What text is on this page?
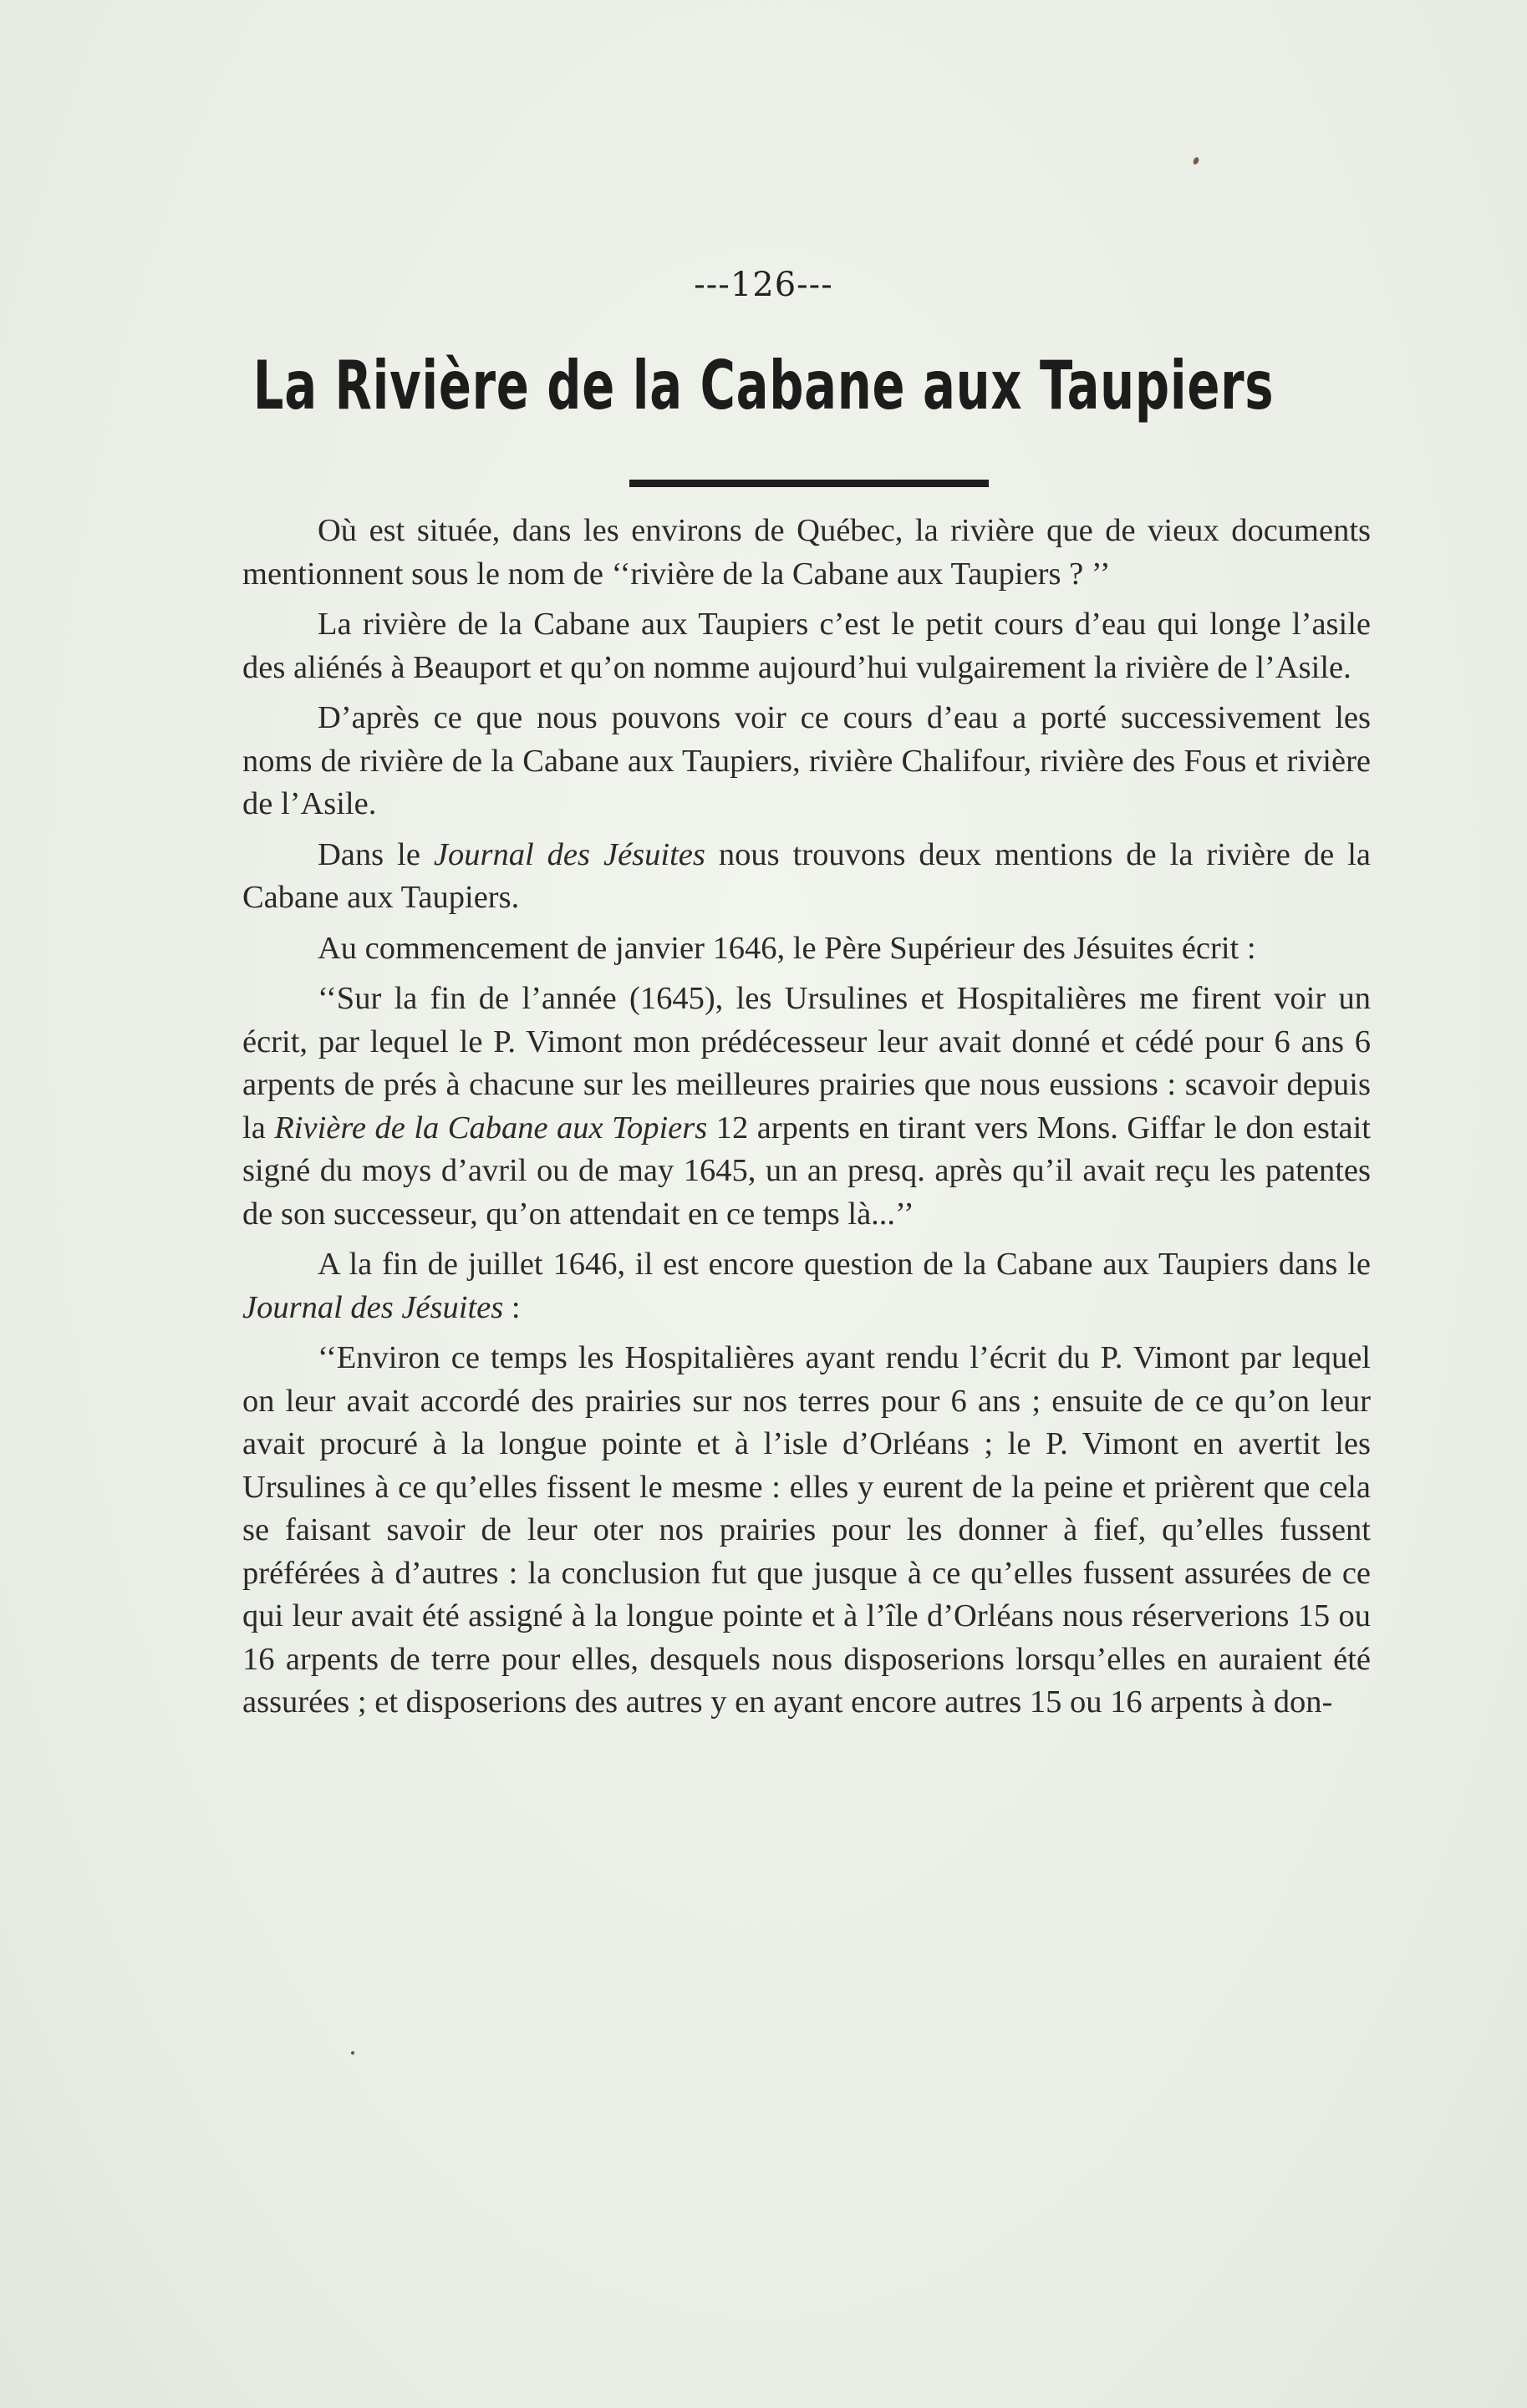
---126---
La Rivière de la Cabane aux Taupiers

Où est située, dans les environs de Québec, la rivière que de vieux documents mentionnent sous le nom de ‘‘rivière de la Cabane aux Taupiers ? ’’

La rivière de la Cabane aux Taupiers c’est le petit cours d’eau qui longe l’asile des aliénés à Beauport et qu’on nomme aujourd’hui vulgairement la rivière de l’Asile.

D’après ce que nous pouvons voir ce cours d’eau a porté successivement les noms de rivière de la Cabane aux Taupiers, rivière Chalifour, rivière des Fous et rivière de l’Asile.

Dans le Journal des Jésuites nous trouvons deux mentions de la rivière de la Cabane aux Taupiers.

Au commencement de janvier 1646, le Père Supérieur des Jésuites écrit :

‘‘Sur la fin de l’année (1645), les Ursulines et Hospitalières me firent voir un écrit, par lequel le P. Vimont mon prédécesseur leur avait donné et cédé pour 6 ans 6 arpents de prés à chacune sur les meilleures prairies que nous eussions : scavoir depuis la Rivière de la Cabane aux Topiers 12 arpents en tirant vers Mons. Giffar le don estait signé du moys d’avril ou de may 1645, un an presq. après qu’il avait reçu les patentes de son successeur, qu’on attendait en ce temps là...’’

A la fin de juillet 1646, il est encore question de la Cabane aux Taupiers dans le Journal des Jésuites :

‘‘Environ ce temps les Hospitalières ayant rendu l’écrit du P. Vimont par lequel on leur avait accordé des prairies sur nos terres pour 6 ans ; ensuite de ce qu’on leur avait procuré à la longue pointe et à l’isle d’Orléans ; le P. Vimont en avertit les Ursulines à ce qu’elles fissent le mesme : elles y eurent de la peine et prièrent que cela se faisant savoir de leur oter nos prairies pour les donner à fief, qu’elles fussent préférées à d’autres : la conclusion fut que jusque à ce qu’elles fussent assurées de ce qui leur avait été assigné à la longue pointe et à l’île d’Orléans nous réserverions 15 ou 16 arpents de terre pour elles, desquels nous disposerions lorsqu’elles en auraient été assurées ; et disposerions des autres y en ayant encore autres 15 ou 16 arpents à don-
